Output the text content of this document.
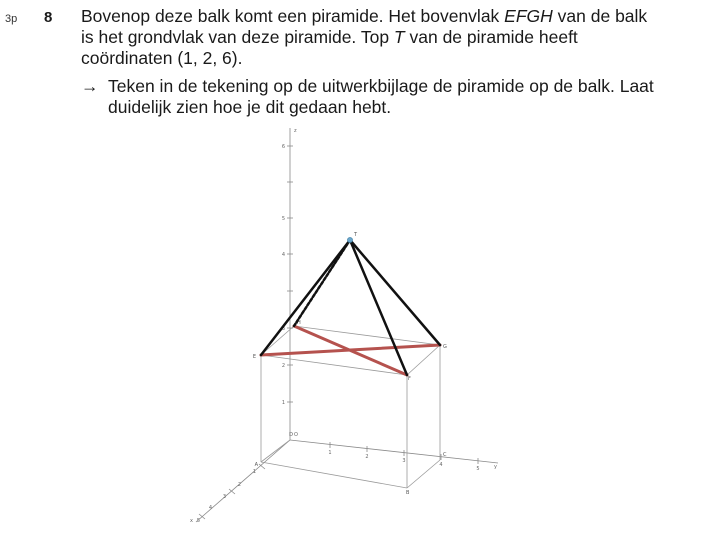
3p 8 Bovenop deze balk komt een piramide. Het bovenvlak EFGH van de balk

is het grondvlak van deze piramide. Top T van de piramide heeft

coördinaten (1, 2, 6).

→ Teken in de tekening op de uitwerkbijlage de piramide op de balk. Laat
duidelijk zien hoe je dit gedaan hebt.
1
2
3
4
5
6
1
2
3
4
5
1
2
3
4
5
z
y
x
O
A
B
C
D
E
F
G
H
T
